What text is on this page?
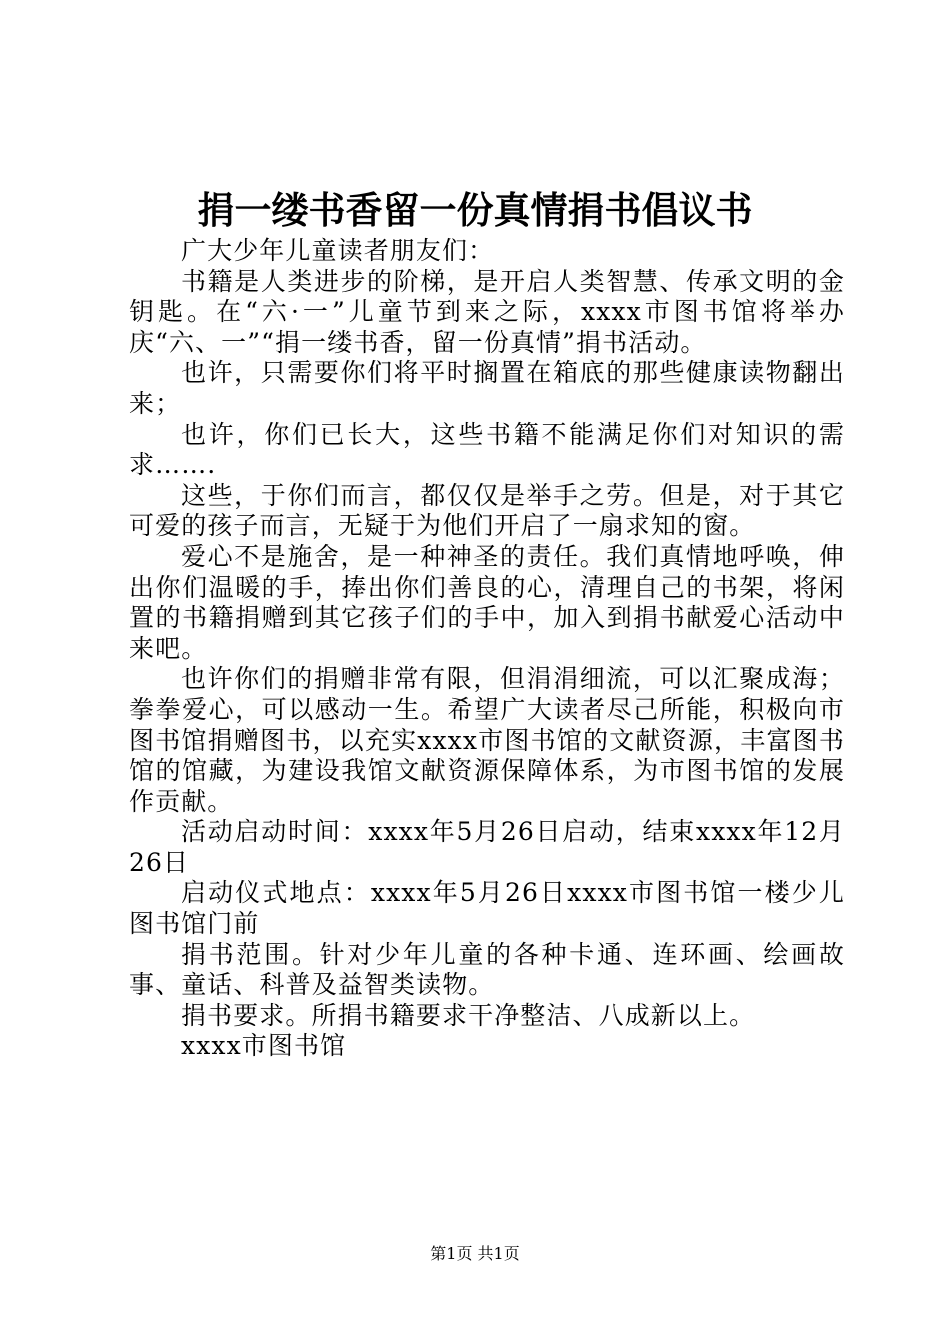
捐一缕书香留一份真情捐书倡议书

广大少年儿童读者朋友们：

书籍是人类进步的阶梯，是开启人类智慧、传承文明的金钥匙。在“六·一”儿童节到来之际，xxxx市图书馆将举办庆“六、一”“捐一缕书香，留一份真情”捐书活动。

也许，只需要你们将平时搁置在箱底的那些健康读物翻出来；

也许，你们已长大，这些书籍不能满足你们对知识的需求…….

这些，于你们而言，都仅仅是举手之劳。但是，对于其它可爱的孩子而言，无疑于为他们开启了一扇求知的窗。

爱心不是施舍，是一种神圣的责任。我们真情地呼唤，伸出你们温暖的手，捧出你们善良的心，清理自己的书架，将闲置的书籍捐赠到其它孩子们的手中，加入到捐书献爱心活动中来吧。

也许你们的捐赠非常有限，但涓涓细流，可以汇聚成海；拳拳爱心，可以感动一生。希望广大读者尽己所能，积极向市图书馆捐赠图书，以充实xxxx市图书馆的文献资源，丰富图书馆的馆藏，为建设我馆文献资源保障体系，为市图书馆的发展作贡献。

活动启动时间：xxxx年5月26日启动，结束xxxx年12月26日

启动仪式地点：xxxx年5月26日xxxx市图书馆一楼少儿图书馆门前

捐书范围。针对少年儿童的各种卡通、连环画、绘画故事、童话、科普及益智类读物。

捐书要求。所捐书籍要求干净整洁、八成新以上。

xxxx市图书馆

第1页 共1页
